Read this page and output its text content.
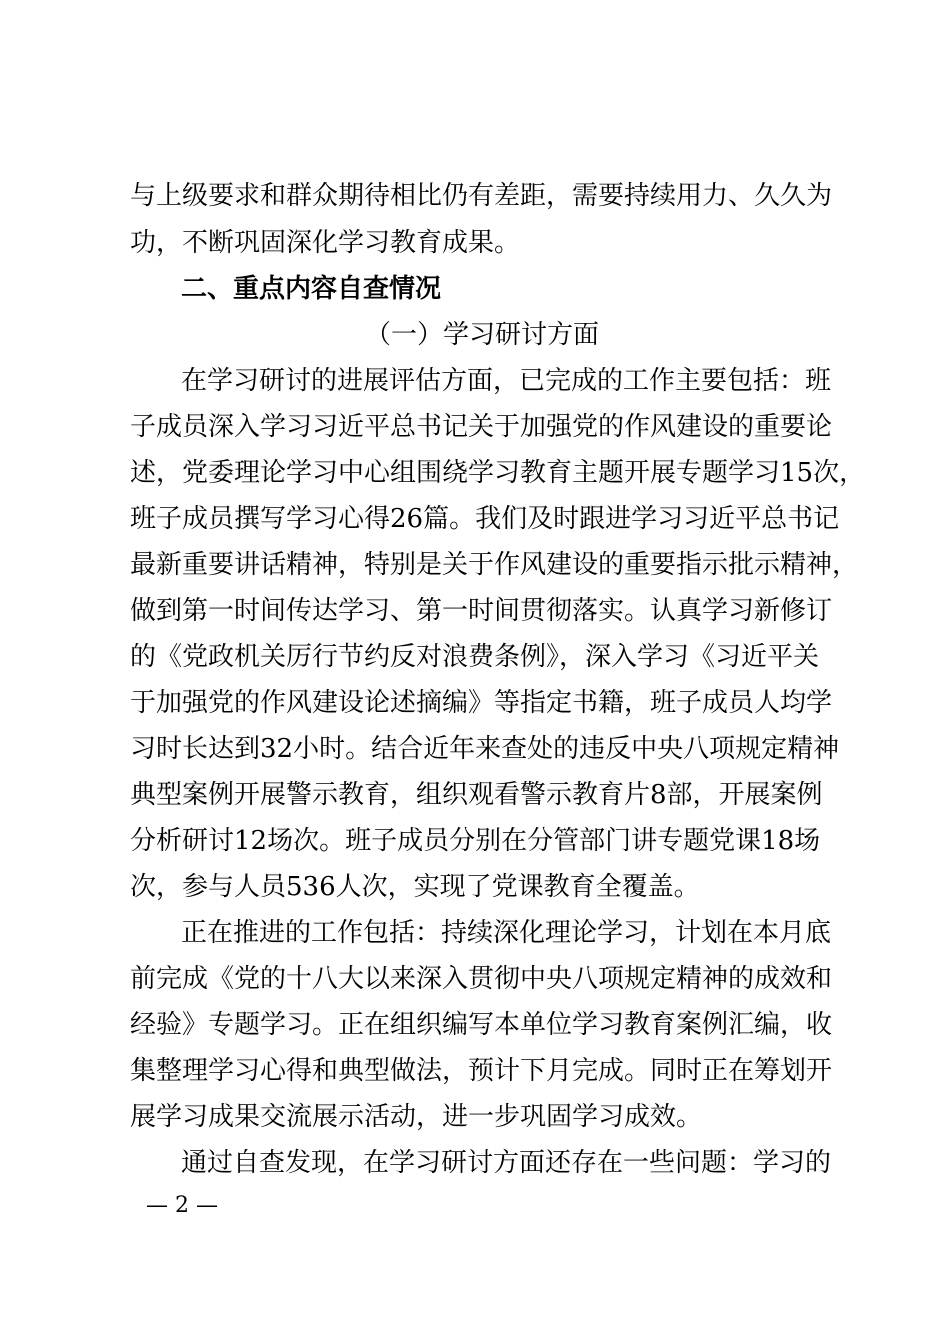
与上级要求和群众期待相比仍有差距，需要持续用力、久久为
功，不断巩固深化学习教育成果。
二、重点内容自查情况
（一）学习研讨方面
在学习研讨的进展评估方面，已完成的工作主要包括：班
子成员深入学习习近平总书记关于加强党的作风建设的重要论
述，党委理论学习中心组围绕学习教育主题开展专题学习15次，
班子成员撰写学习心得26篇。我们及时跟进学习习近平总书记
最新重要讲话精神，特别是关于作风建设的重要指示批示精神，
做到第一时间传达学习、第一时间贯彻落实。认真学习新修订
的《党政机关厉行节约反对浪费条例》，深入学习《习近平关
于加强党的作风建设论述摘编》等指定书籍，班子成员人均学
习时长达到32小时。结合近年来查处的违反中央八项规定精神
典型案例开展警示教育，组织观看警示教育片8部，开展案例
分析研讨12场次。班子成员分别在分管部门讲专题党课18场
次，参与人员536人次，实现了党课教育全覆盖。
正在推进的工作包括：持续深化理论学习，计划在本月底
前完成《党的十八大以来深入贯彻中央八项规定精神的成效和
经验》专题学习。正在组织编写本单位学习教育案例汇编，收
集整理学习心得和典型做法，预计下月完成。同时正在筹划开
展学习成果交流展示活动，进一步巩固学习成效。
通过自查发现，在学习研讨方面还存在一些问题：学习的
— 2 —
